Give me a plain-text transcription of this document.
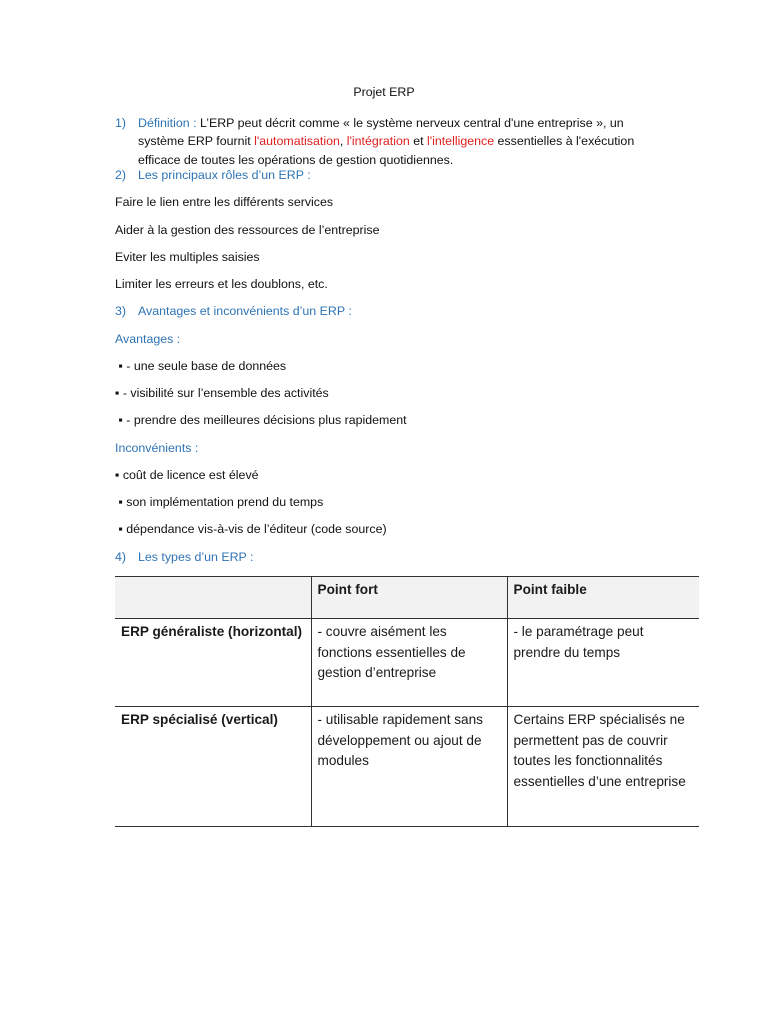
Projet ERP
1) Définition : L’ERP peut décrit comme « le système nerveux central d'une entreprise », un
système ERP fournit l'automatisation, l'intégration et l'intelligence essentielles à l'exécution
efficace de toutes les opérations de gestion quotidiennes.
2) Les principaux rôles d’un ERP :
Faire le lien entre les différents services
Aider à la gestion des ressources de l’entreprise
Eviter les multiples saisies
Limiter les erreurs et les doublons, etc.
3) Avantages et inconvénients d’un ERP :
Avantages :
▪ - une seule base de données
▪ - visibilité sur l’ensemble des activités
▪ - prendre des meilleures décisions plus rapidement
Inconvénients :
▪ coût de licence est élevé
▪ son implémentation prend du temps
▪ dépendance vis-à-vis de l’éditeur (code source)
4) Les types d’un ERP :
	Point fort	Point faible
ERP généraliste (horizontal)	- couvre aisément les fonctions essentielles de gestion d’entreprise	- le paramétrage peut prendre du temps
ERP spécialisé (vertical)	- utilisable rapidement sans développement ou ajout de modules	Certains ERP spécialisés ne permettent pas de couvrir toutes les fonctionnalités essentielles d’une entreprise
